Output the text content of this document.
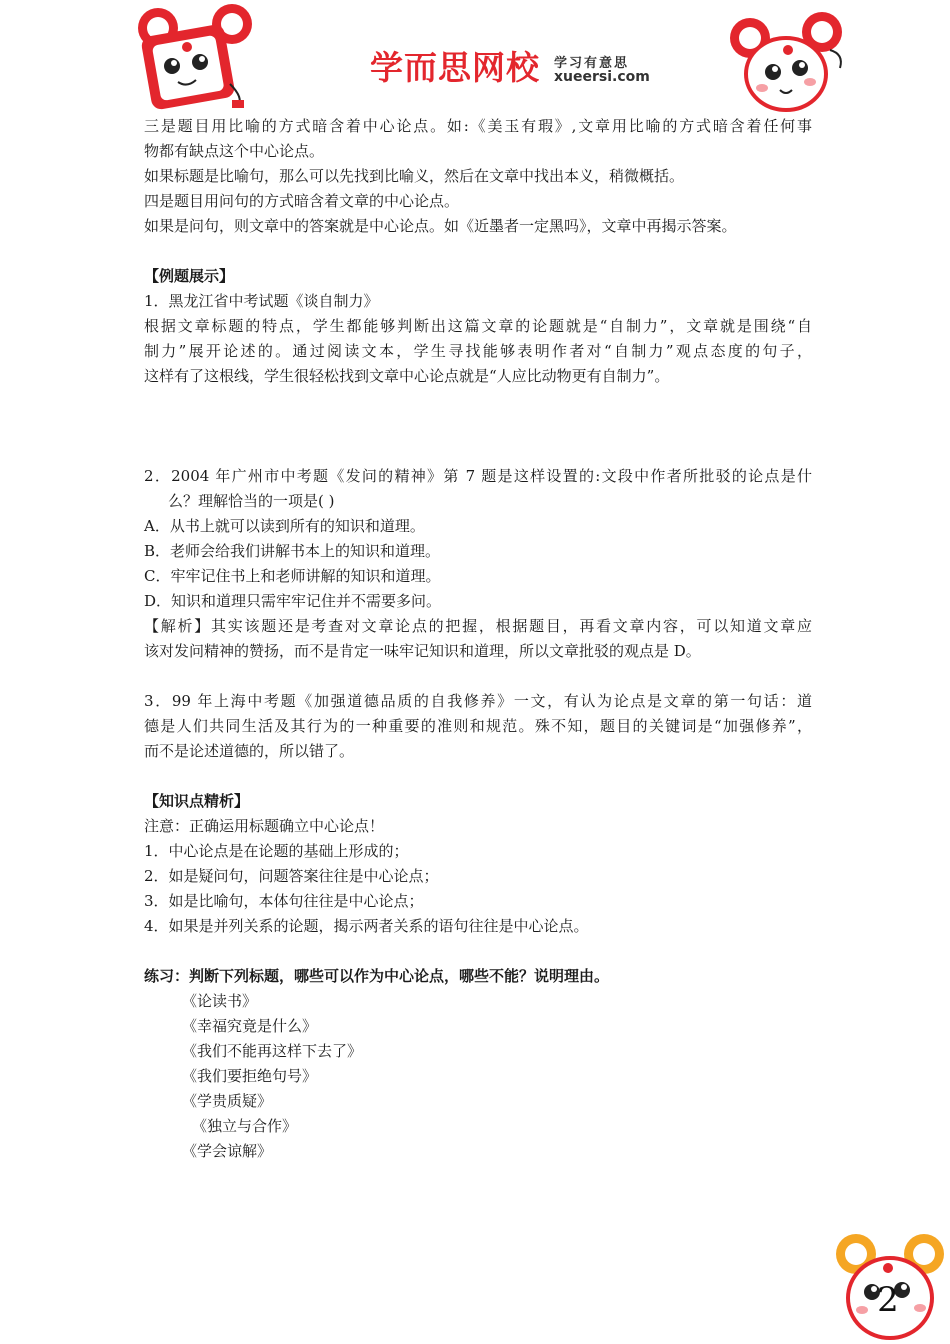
学而思网校 学习有意思
xueersi.com
三是题目用比喻的方式暗含着中心论点。如:《美玉有瑕》,文章用比喻的方式暗含着任何事
物都有缺点这个中心论点。
如果标题是比喻句，那么可以先找到比喻义，然后在文章中找出本义，稍微概括。
四是题目用问句的方式暗含着文章的中心论点。
如果是问句，则文章中的答案就是中心论点。如《近墨者一定黑吗》，文章中再揭示答案。
【例题展示】
1．黑龙江省中考试题《谈自制力》
根据文章标题的特点，学生都能够判断出这篇文章的论题就是“自制力”，文章就是围绕“自
制力”展开论述的。通过阅读文本，学生寻找能够表明作者对“自制力”观点态度的句子，
这样有了这根线，学生很轻松找到文章中心论点就是“人应比动物更有自制力”。
2．2004 年广州市中考题《发问的精神》第 7 题是这样设置的:文段中作者所批驳的论点是什
么？理解恰当的一项是( )
A．从书上就可以读到所有的知识和道理。
B．老师会给我们讲解书本上的知识和道理。
C．牢牢记住书上和老师讲解的知识和道理。
D．知识和道理只需牢牢记住并不需要多问。
【解析】其实该题还是考查对文章论点的把握，根据题目，再看文章内容，可以知道文章应
该对发问精神的赞扬，而不是肯定一味牢记知识和道理，所以文章批驳的观点是 D。
3．99 年上海中考题《加强道德品质的自我修养》一文，有认为论点是文章的第一句话：道
德是人们共同生活及其行为的一种重要的准则和规范。殊不知，题目的关键词是“加强修养”，
而不是论述道德的，所以错了。
【知识点精析】
注意：正确运用标题确立中心论点！
1．中心论点是在论题的基础上形成的；
2．如是疑问句，问题答案往往是中心论点；
3．如是比喻句，本体句往往是中心论点；
4．如果是并列关系的论题，揭示两者关系的语句往往是中心论点。
练习：判断下列标题，哪些可以作为中心论点，哪些不能？说明理由。
《论读书》
《幸福究竟是什么》
《我们不能再这样下去了》
《我们要拒绝句号》
《学贵质疑》
《独立与合作》
《学会谅解》
2
